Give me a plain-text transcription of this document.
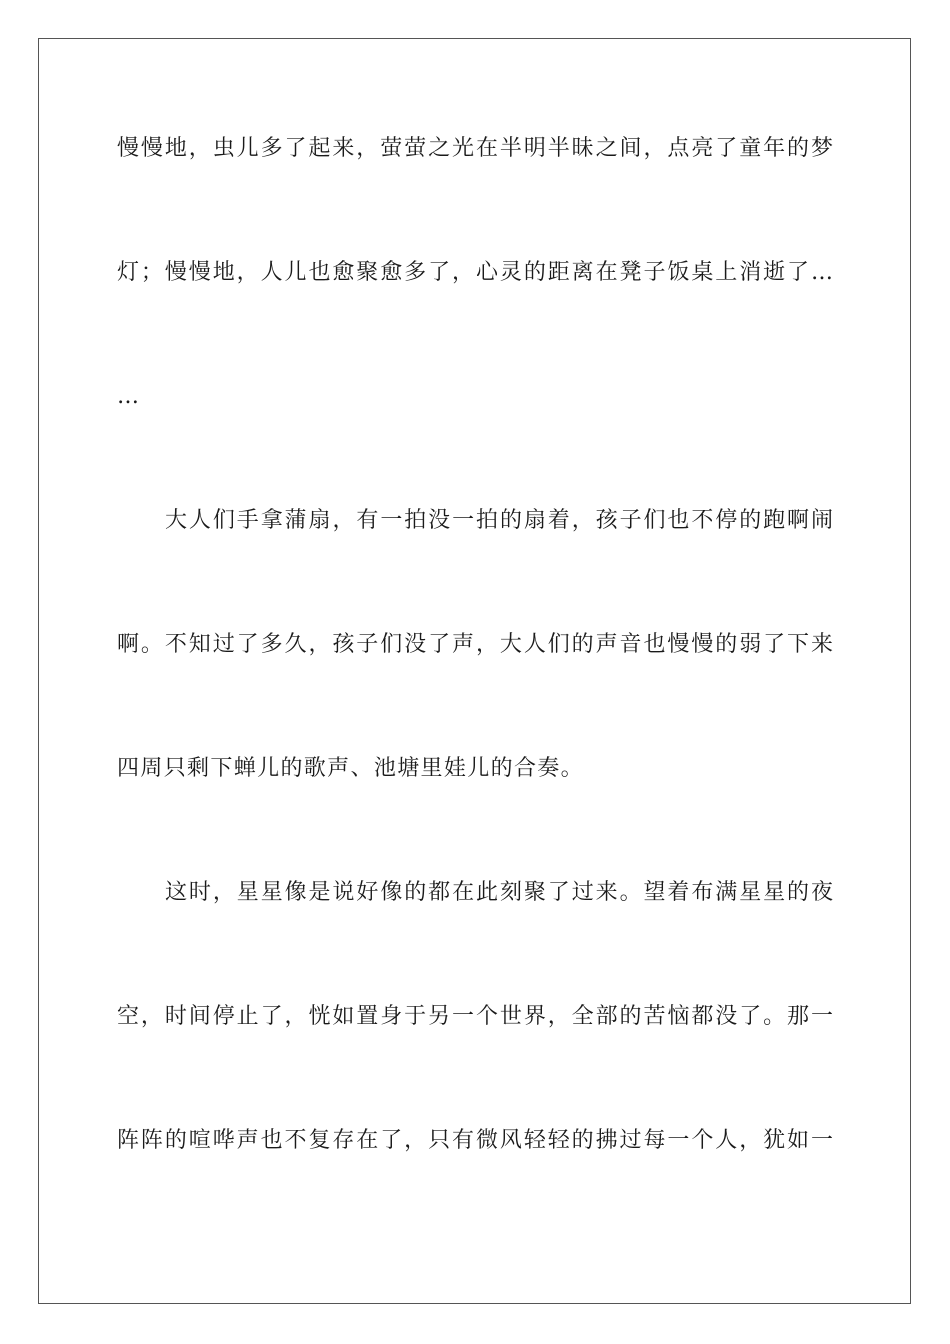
慢慢地，虫儿多了起来，萤萤之光在半明半昧之间，点亮了童年的梦
灯；慢慢地，人儿也愈聚愈多了，心灵的距离在凳子饭桌上消逝了…
…
大人们手拿蒲扇，有一拍没一拍的扇着，孩子们也不停的跑啊闹
啊。不知过了多久，孩子们没了声，大人们的声音也慢慢的弱了下来
四周只剩下蝉儿的歌声、池塘里娃儿的合奏。
这时，星星像是说好像的都在此刻聚了过来。望着布满星星的夜
空，时间停止了，恍如置身于另一个世界，全部的苦恼都没了。那一
阵阵的喧哗声也不复存在了，只有微风轻轻的拂过每一个人，犹如一
